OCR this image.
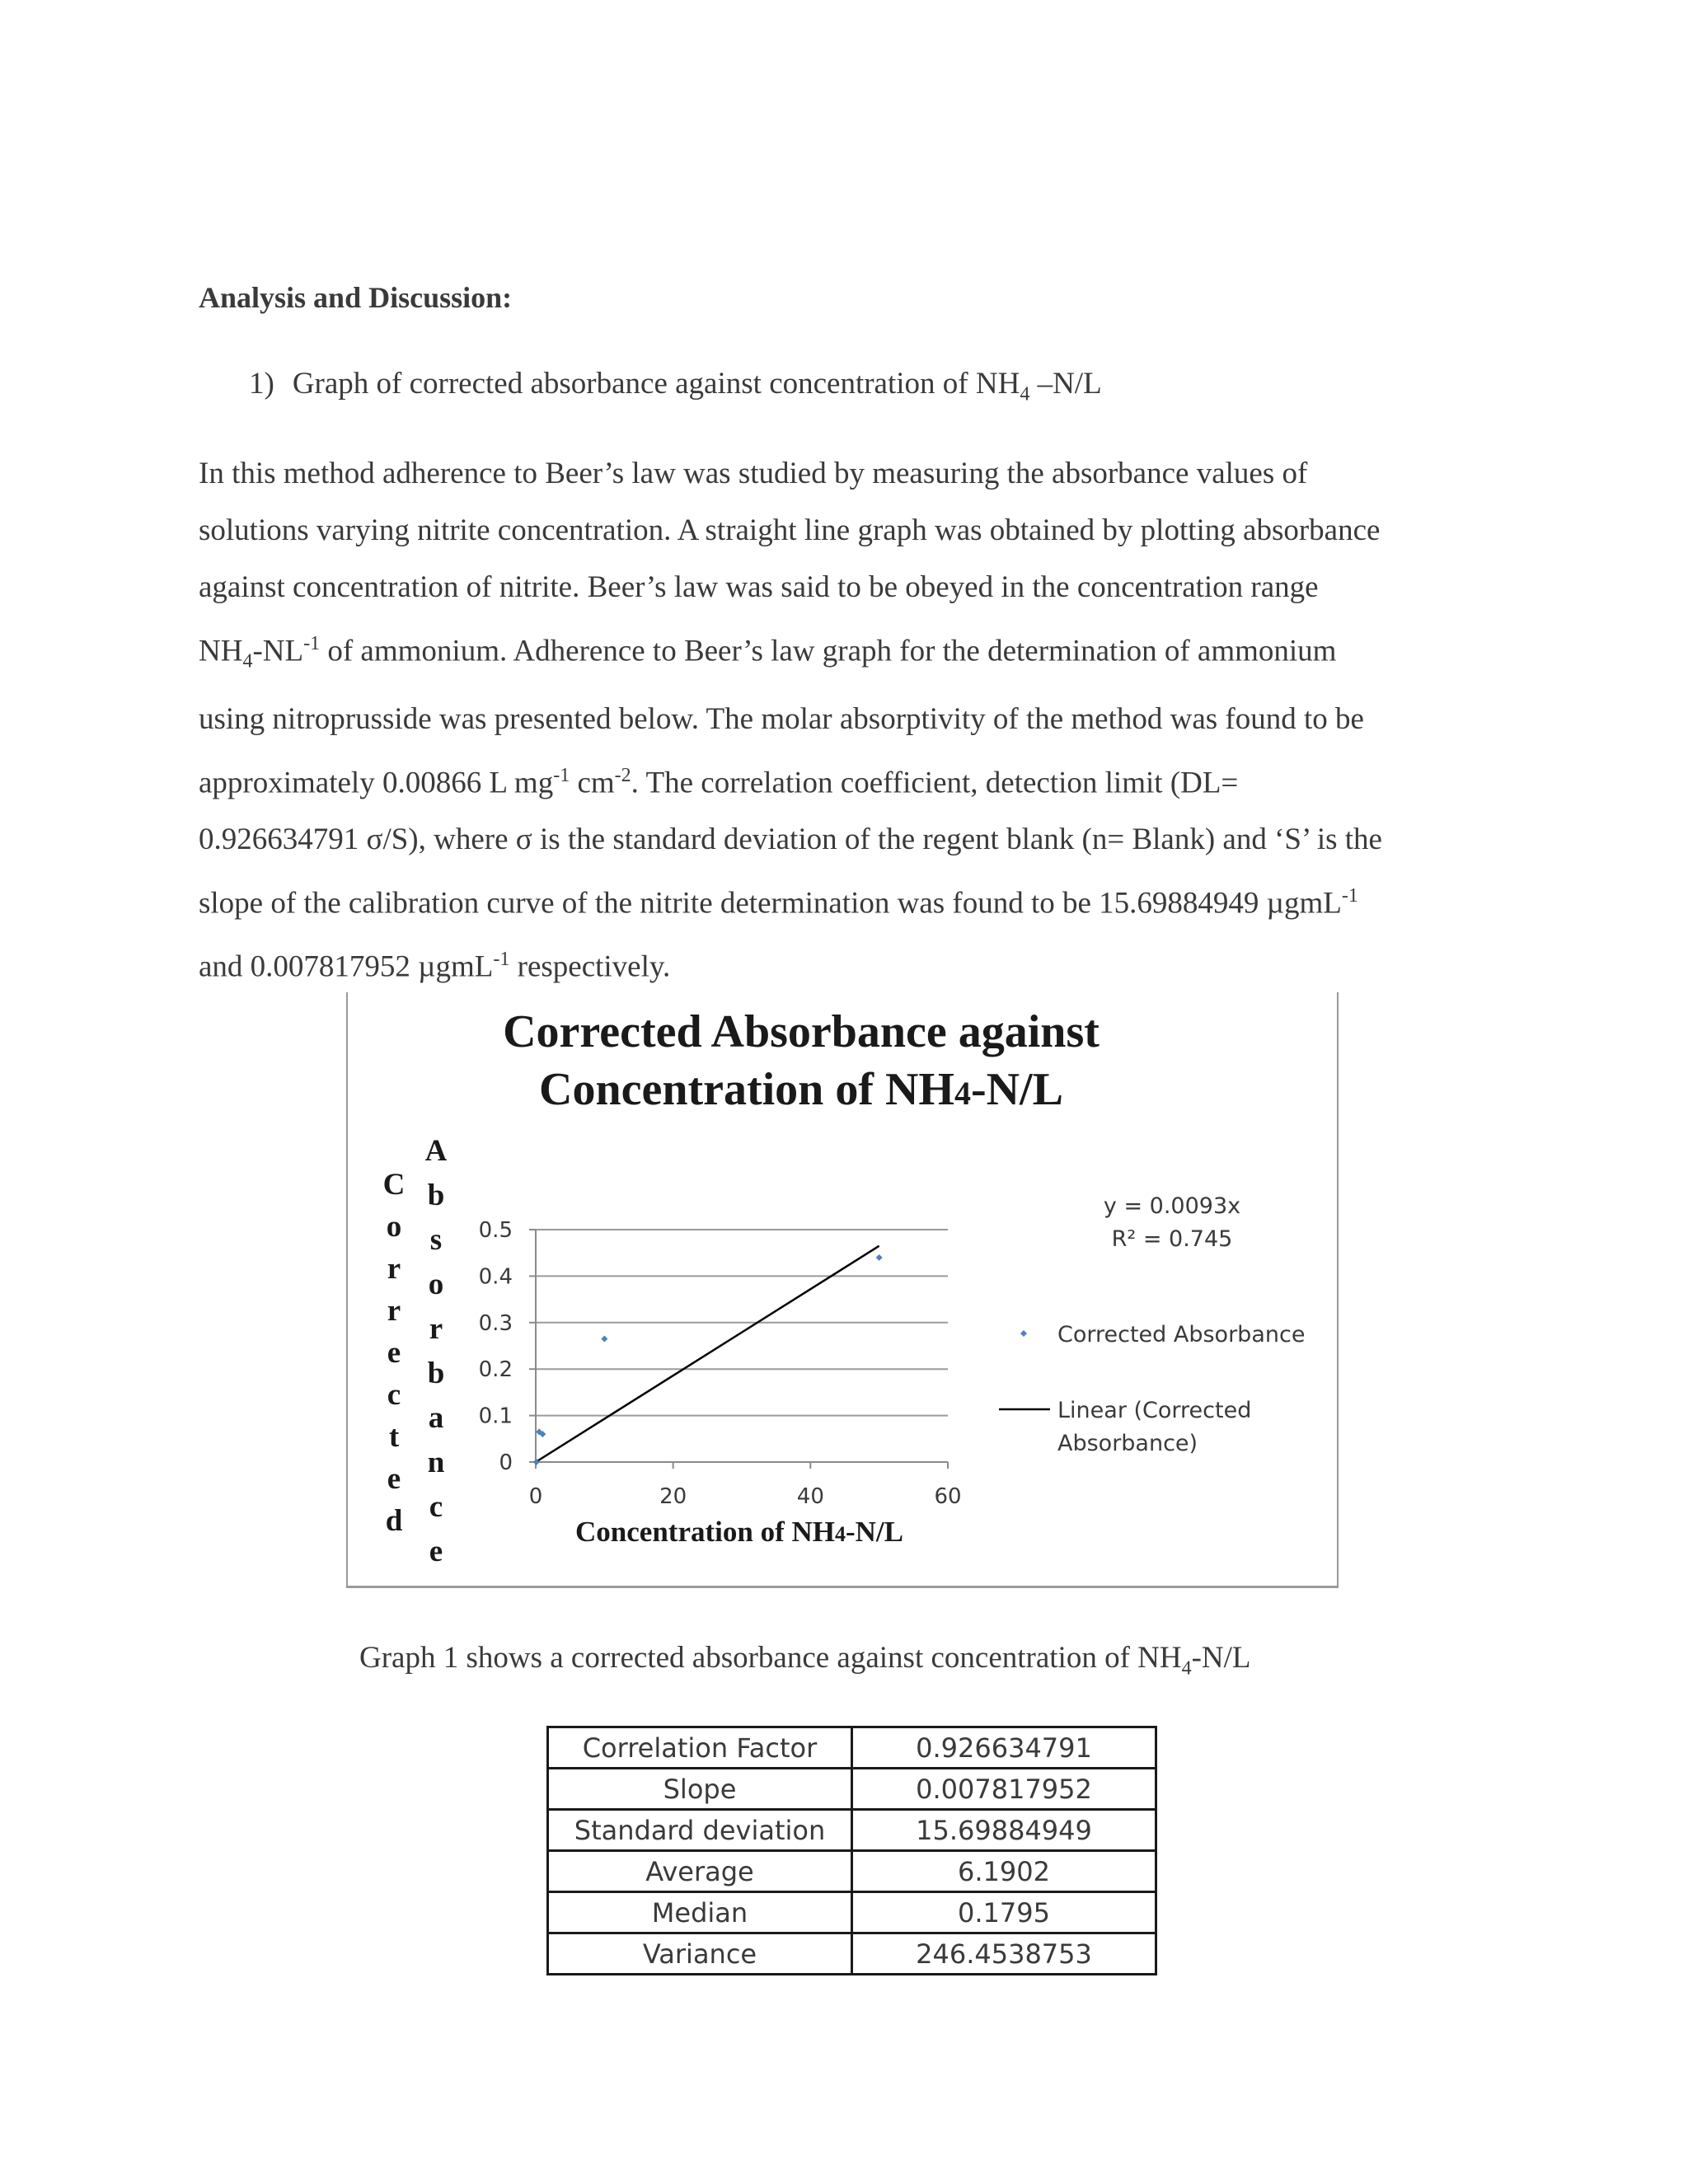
Analysis and Discussion:
1) Graph of corrected absorbance against concentration of $NH_4$ –N/L
In this method adherence to Beer’s law was studied by measuring the absorbance values of
solutions varying nitrite concentration. A straight line graph was obtained by plotting absorbance
against concentration of nitrite. Beer’s law was said to be obeyed in the concentration range
$NH_4-NL^{-1}$ of ammonium. Adherence to Beer’s law graph for the determination of ammonium
using nitroprusside was presented below. The molar absorptivity of the method was found to be
approximately 0.00866 L $mg^{-1}$ $cm^{-2}$. The correlation coefficient, detection limit (DL=
0.926634791 σ/S), where σ is the standard deviation of the regent blank (n= Blank) and ‘S’ is the
slope of the calibration curve of the nitrite determination was found to be 15.69884949 µgmL$^{-1}$
and 0.007817952 µgmL$^{-1}$ respectively.
Corrected Absorbance against
Concentration of NH4-N/L
C
o
r
r
e
c
t
e
d
A
b
s
o
r
b
a
n
c
e
0
0.1
0.2
0.3
0.4
0.5
0	20	40	60
Concentration of NH4-N/L
y = 0.0093x
R² = 0.745
Corrected Absorbance
Linear (Corrected
Absorbance)
Graph 1 shows a corrected absorbance against concentration of $NH_4-N/L$
Correlation Factor	0.926634791
Slope	0.007817952
Standard deviation	15.69884949
Average	6.1902
Median	0.1795
Variance	246.4538753
